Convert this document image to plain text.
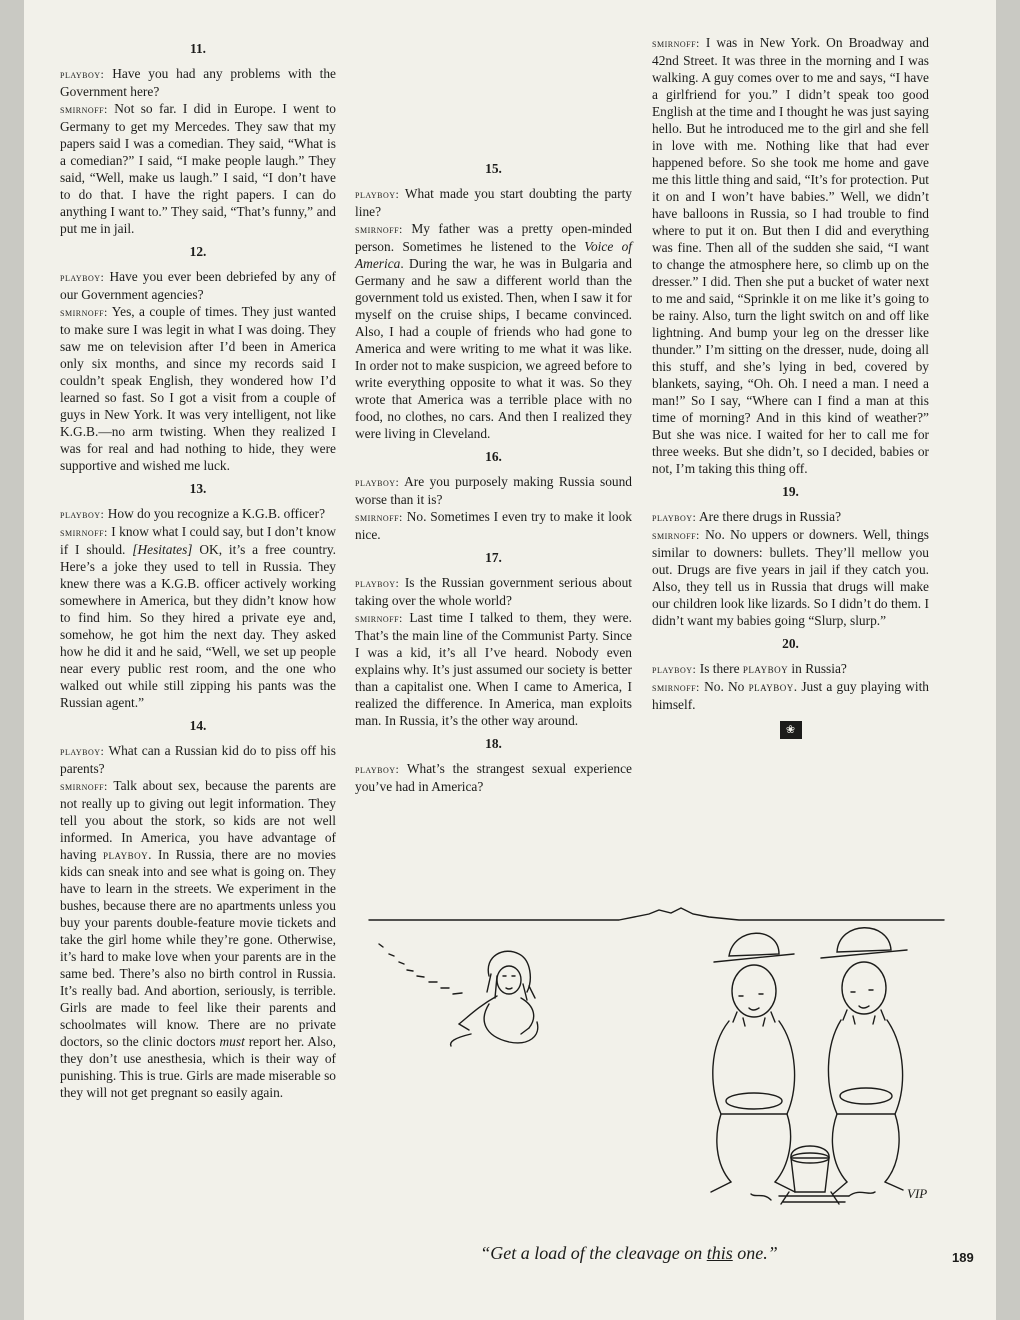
11.

playboy: Have you had any problems with the Government here?

smirnoff: Not so far. I did in Europe. I went to Germany to get my Mercedes. They saw that my papers said I was a comedian. They said, “What is a comedian?” I said, “I make people laugh.” They said, “Well, make us laugh.” I said, “I don’t have to do that. I have the right papers. I can do anything I want to.” They said, “That’s funny,” and put me in jail.

12.

playboy: Have you ever been debriefed by any of our Government agencies?

smirnoff: Yes, a couple of times. They just wanted to make sure I was legit in what I was doing. They saw me on television after I’d been in America only six months, and since my records said I couldn’t speak English, they wondered how I’d learned so fast. So I got a visit from a couple of guys in New York. It was very intelligent, not like K.G.B.—no arm twisting. When they realized I was for real and had nothing to hide, they were supportive and wished me luck.

13.

playboy: How do you recognize a K.G.B. officer?

smirnoff: I know what I could say, but I don’t know if I should. [Hesitates] OK, it’s a free country. Here’s a joke they used to tell in Russia. They knew there was a K.G.B. officer actively working somewhere in America, but they didn’t know how to find him. So they hired a private eye and, somehow, he got him the next day. They asked how he did it and he said, “Well, we set up people near every public rest room, and the one who walked out while still zipping his pants was the Russian agent.”

14.

playboy: What can a Russian kid do to piss off his parents?

smirnoff: Talk about sex, because the parents are not really up to giving out legit information. They tell you about the stork, so kids are not well informed. In America, you have advantage of having playboy. In Russia, there are no movies kids can sneak into and see what is going on. They have to learn in the streets. We experiment in the bushes, because there are no apartments unless you buy your parents double-feature movie tickets and take the girl home while they’re gone. Otherwise, it’s hard to make love when your parents are in the same bed. There’s also no birth control in Russia. It’s really bad. And abortion, seriously, is terrible. Girls are made to feel like their parents and schoolmates will know. There are no private doctors, so the clinic doctors must report her. Also, they don’t use anesthesia, which is their way of punishing. This is true. Girls are made miserable so they will not get pregnant so easily again.

15.

playboy: What made you start doubting the party line?

smirnoff: My father was a pretty open-minded person. Sometimes he listened to the Voice of America. During the war, he was in Bulgaria and Germany and he saw a different world than the government told us existed. Then, when I saw it for myself on the cruise ships, I became convinced. Also, I had a couple of friends who had gone to America and were writing to me what it was like. In order not to make suspicion, we agreed before to write everything opposite to what it was. So they wrote that America was a terrible place with no food, no clothes, no cars. And then I realized they were living in Cleveland.

16.

playboy: Are you purposely making Russia sound worse than it is?

smirnoff: No. Sometimes I even try to make it look nice.

17.

playboy: Is the Russian government serious about taking over the whole world?

smirnoff: Last time I talked to them, they were. That’s the main line of the Communist Party. Since I was a kid, it’s all I’ve heard. Nobody even explains why. It’s just assumed our society is better than a capitalist one. When I came to America, I realized the difference. In America, man exploits man. In Russia, it’s the other way around.

18.

playboy: What’s the strangest sexual experience you’ve had in America?

smirnoff: I was in New York. On Broadway and 42nd Street. It was three in the morning and I was walking. A guy comes over to me and says, “I have a girlfriend for you.” I didn’t speak too good English at the time and I thought he was just saying hello. But he introduced me to the girl and she fell in love with me. Nothing like that had ever happened before. So she took me home and gave me this little thing and said, “It’s for protection. Put it on and I won’t have babies.” Well, we didn’t have balloons in Russia, so I had trouble to find where to put it on. But then I did and everything was fine. Then all of the sudden she said, “I want to change the atmosphere here, so climb up on the dresser.” I did. Then she put a bucket of water next to me and said, “Sprinkle it on me like it’s going to be rainy. Also, turn the light switch on and off like lightning. And bump your leg on the dresser like thunder.” I’m sitting on the dresser, nude, doing all this stuff, and she’s lying in bed, covered by blankets, saying, “Oh. Oh. I need a man. I need a man!” So I say, “Where can I find a man at this time of morning? And in this kind of weather?” But she was nice. I waited for her to call me for three weeks. But she didn’t, so I decided, babies or not, I’m taking this thing off.

19.

playboy: Are there drugs in Russia?

smirnoff: No. No uppers or downers. Well, things similar to downers: bullets. They’ll mellow you out. Drugs are five years in jail if they catch you. Also, they tell us in Russia that drugs will make our children look like lizards. So I didn’t do them. I didn’t want my babies going “Slurp, slurp.”

20.

playboy: Is there playboy in Russia?

smirnoff: No. No playboy. Just a guy playing with himself.

❀
VIP
“Get a load of the cleavage on this one.”	189
